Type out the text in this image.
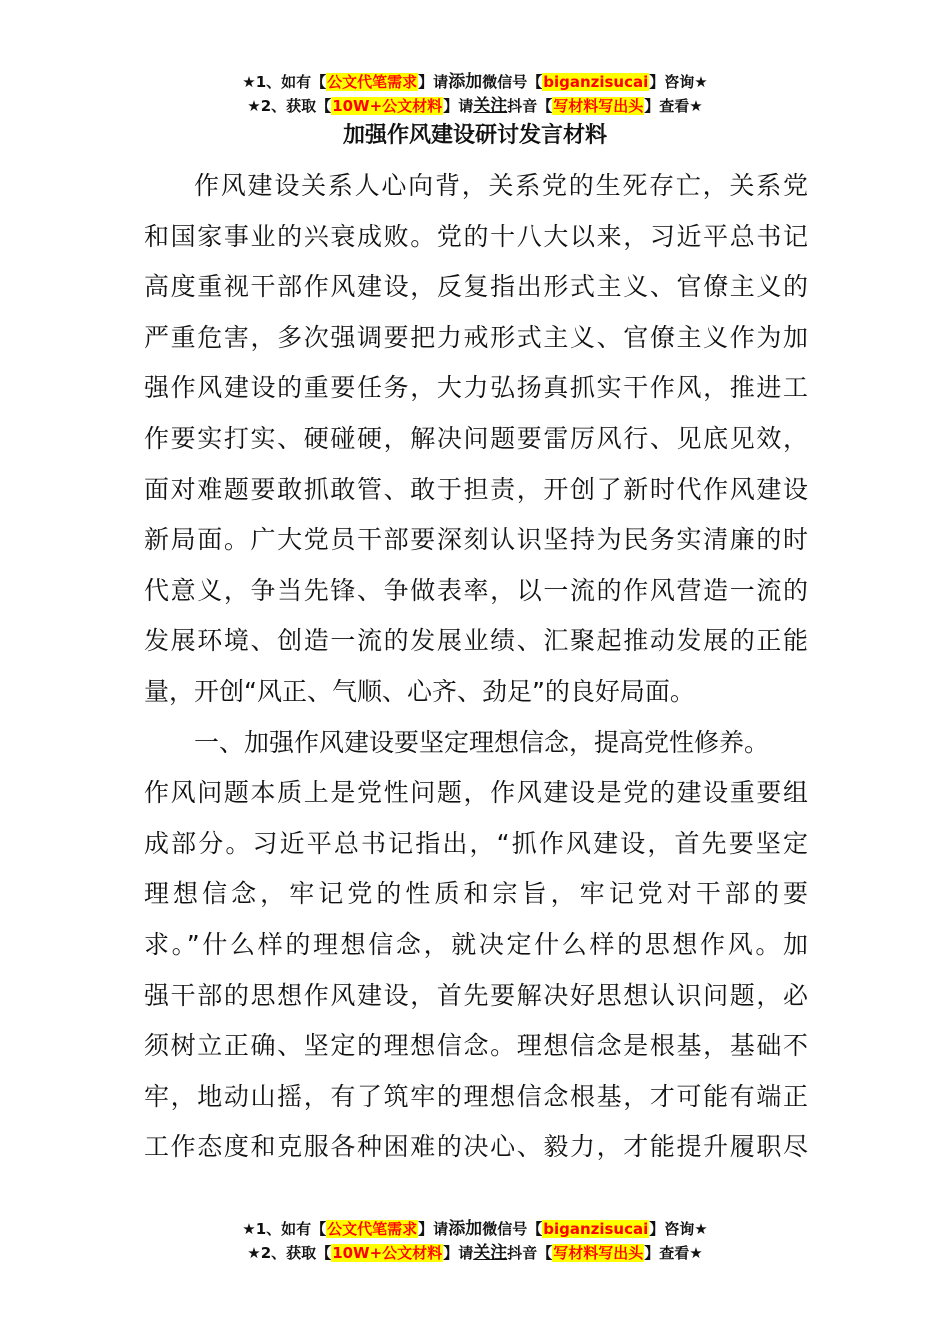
★1、如有【公文代笔需求】请添加微信号【biganzisucai】咨询★
★2、获取【10W+公文材料】请关注抖音【写材料写出头】查看★
加强作风建设研讨发言材料
作风建设关系人心向背，关系党的生死存亡，关系党
和国家事业的兴衰成败。党的十八大以来，习近平总书记
高度重视干部作风建设，反复指出形式主义、官僚主义的
严重危害，多次强调要把力戒形式主义、官僚主义作为加
强作风建设的重要任务，大力弘扬真抓实干作风，推进工
作要实打实、硬碰硬，解决问题要雷厉风行、见底见效，
面对难题要敢抓敢管、敢于担责，开创了新时代作风建设
新局面。广大党员干部要深刻认识坚持为民务实清廉的时
代意义，争当先锋、争做表率，以一流的作风营造一流的
发展环境、创造一流的发展业绩、汇聚起推动发展的正能
量，开创“风正、气顺、心齐、劲足”的良好局面。
一、加强作风建设要坚定理想信念，提高党性修养。
作风问题本质上是党性问题，作风建设是党的建设重要组
成部分。习近平总书记指出，“抓作风建设，首先要坚定
理想信念，牢记党的性质和宗旨，牢记党对干部的要
求。”什么样的理想信念，就决定什么样的思想作风。加
强干部的思想作风建设，首先要解决好思想认识问题，必
须树立正确、坚定的理想信念。理想信念是根基，基础不
牢，地动山摇，有了筑牢的理想信念根基，才可能有端正
工作态度和克服各种困难的决心、毅力，才能提升履职尽
★1、如有【公文代笔需求】请添加微信号【biganzisucai】咨询★
★2、获取【10W+公文材料】请关注抖音【写材料写出头】查看★
